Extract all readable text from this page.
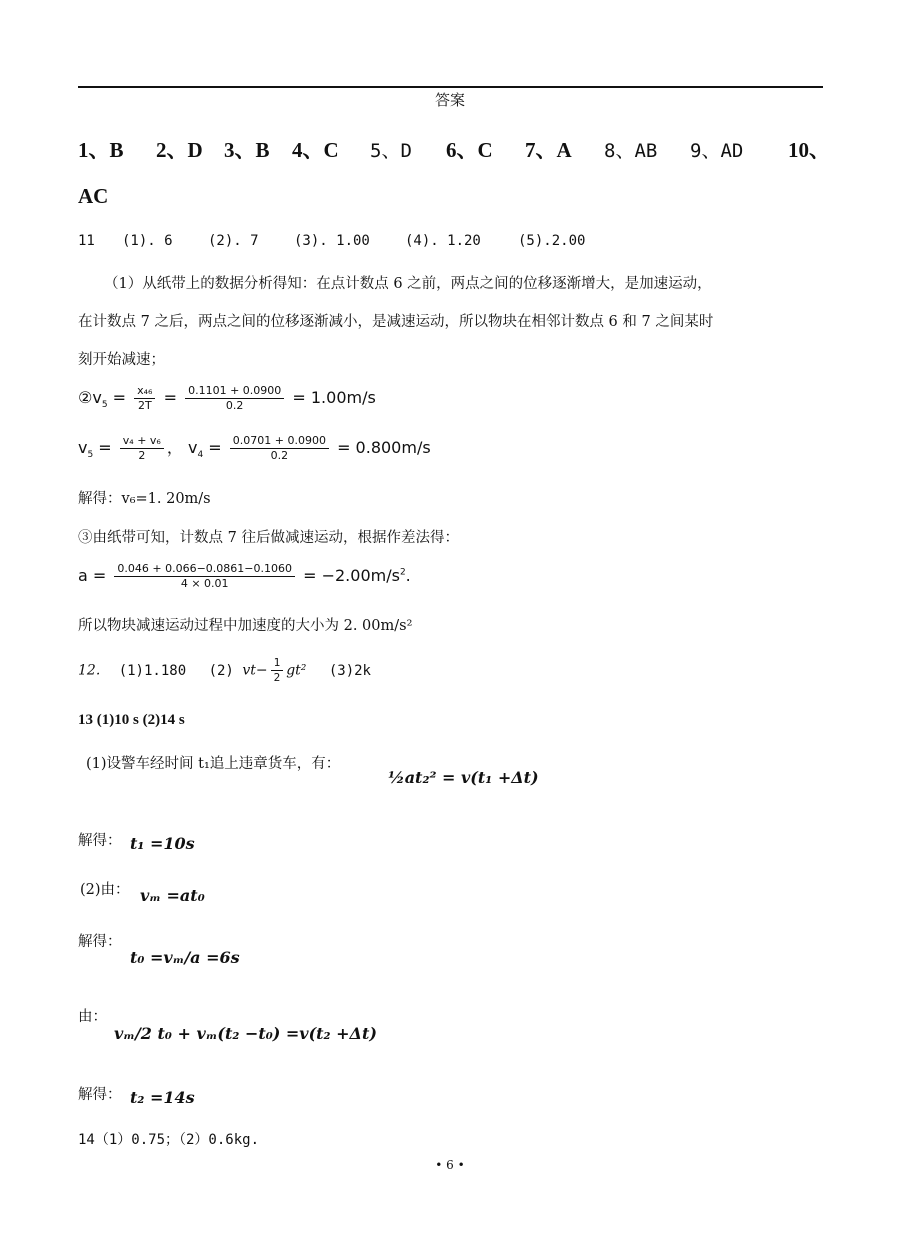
答案
1、B 2、D 3、B 4、C 5、D 6、C 7、A 8、AB 9、AD 10、
AC
11 (1). 6	(2). 7	(3). 1.00	(4). 1.20	(5).2.00
（1）从纸带上的数据分析得知：在点计数点 6 之前，两点之间的位移逐渐增大，是加速运动，
在计数点 7 之后，两点之间的位移逐渐减小，是减速运动，所以物块在相邻计数点 6 和 7 之间某时
刻开始减速；
$②v_5 = \frac{\text{x₄₆}}{2T} = \frac{0.1101 + 0.0900}{0.2} = 1.00m/s$
$v_5 = \frac{\text{v₄ + v₆}}{2}$ ， $v_4 = \frac{0.0701 + 0.0900}{0.2} = 0.800m/s$
解得：v₆=1. 20m/s
③由纸带可知，计数点 7 往后做减速运动，根据作差法得：
$a = \frac{0.046 + 0.066-0.0861-0.1060}{4 \times 0.01} = -2.00m/s^2$.
所以物块减速运动过程中加速度的大小为 2. 00m/s²
12. (1)1.180 (2) $vt- \frac{1}{2} gt^2$ (3)2k
13 (1)10 s (2)14 s
(1)设警车经时间 t₁追上违章货车，有：
½at₂² = v(t₁ +Δt)
解得： t₁ =10s
(2)由： vₘ =at₀
解得：
t₀ =vₘ/a =6s
由：
vₘ/2 t₀ + vₘ(t₂ −t₀) =v(t₂ +Δt)
解得： t₂ =14s
14（1）0.75；（2）0.6kg.
• 6 •
